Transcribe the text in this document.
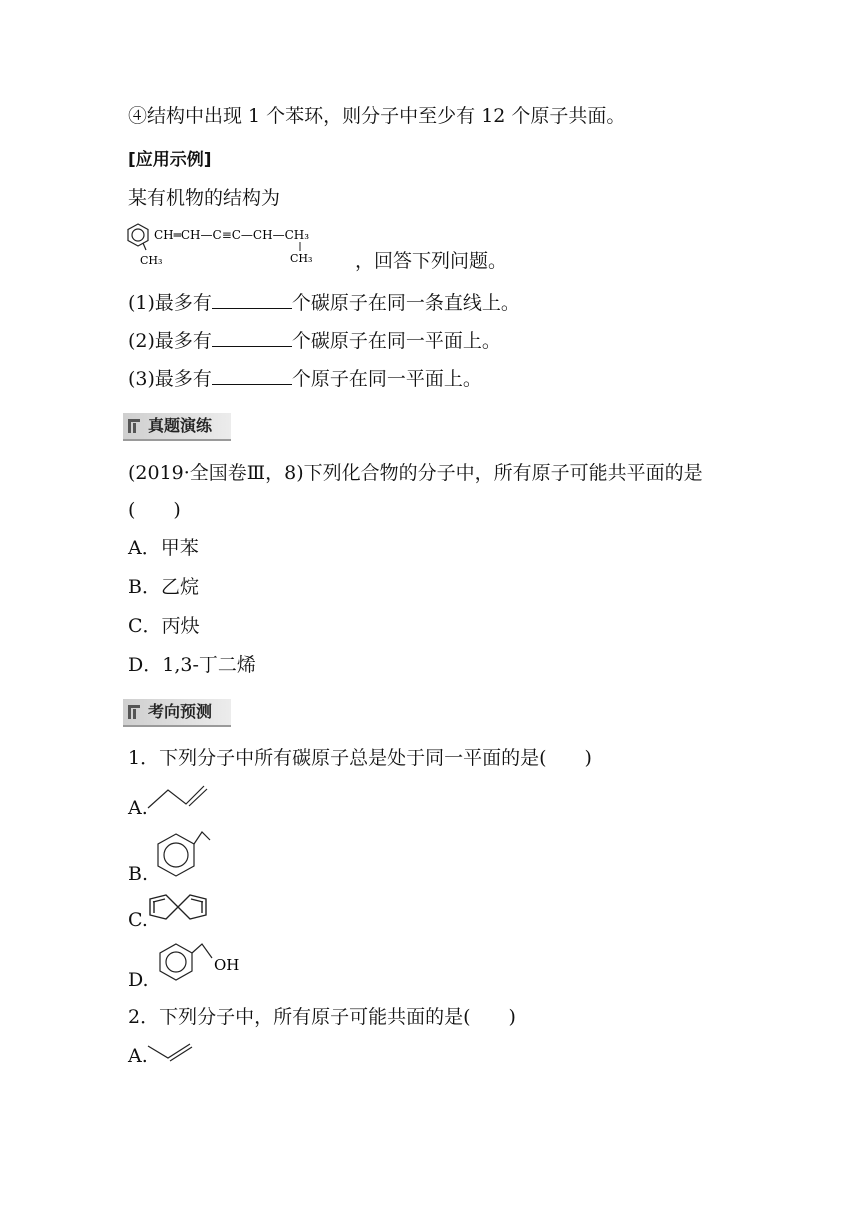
④结构中出现 1 个苯环，则分子中至少有 12 个原子共面。
[应用示例]
某有机物的结构为
CH═CH—C≡C—CH—CH₃
CH₃	CH₃ ，回答下列问题。
(1)最多有	个碳原子在同一条直线上。
(2)最多有	个碳原子在同一平面上。
(3)最多有	个原子在同一平面上。
真题演练
(2019·全国卷Ⅲ，8)下列化合物的分子中，所有原子可能共平面的是
(　　)
A．甲苯
B．乙烷
C．丙炔
D．1,3-丁二烯
考向预测
1．下列分子中所有碳原子总是处于同一平面的是(　　)
A.
B.
C.
D.
OH
2．下列分子中，所有原子可能共面的是(　　)
A.
